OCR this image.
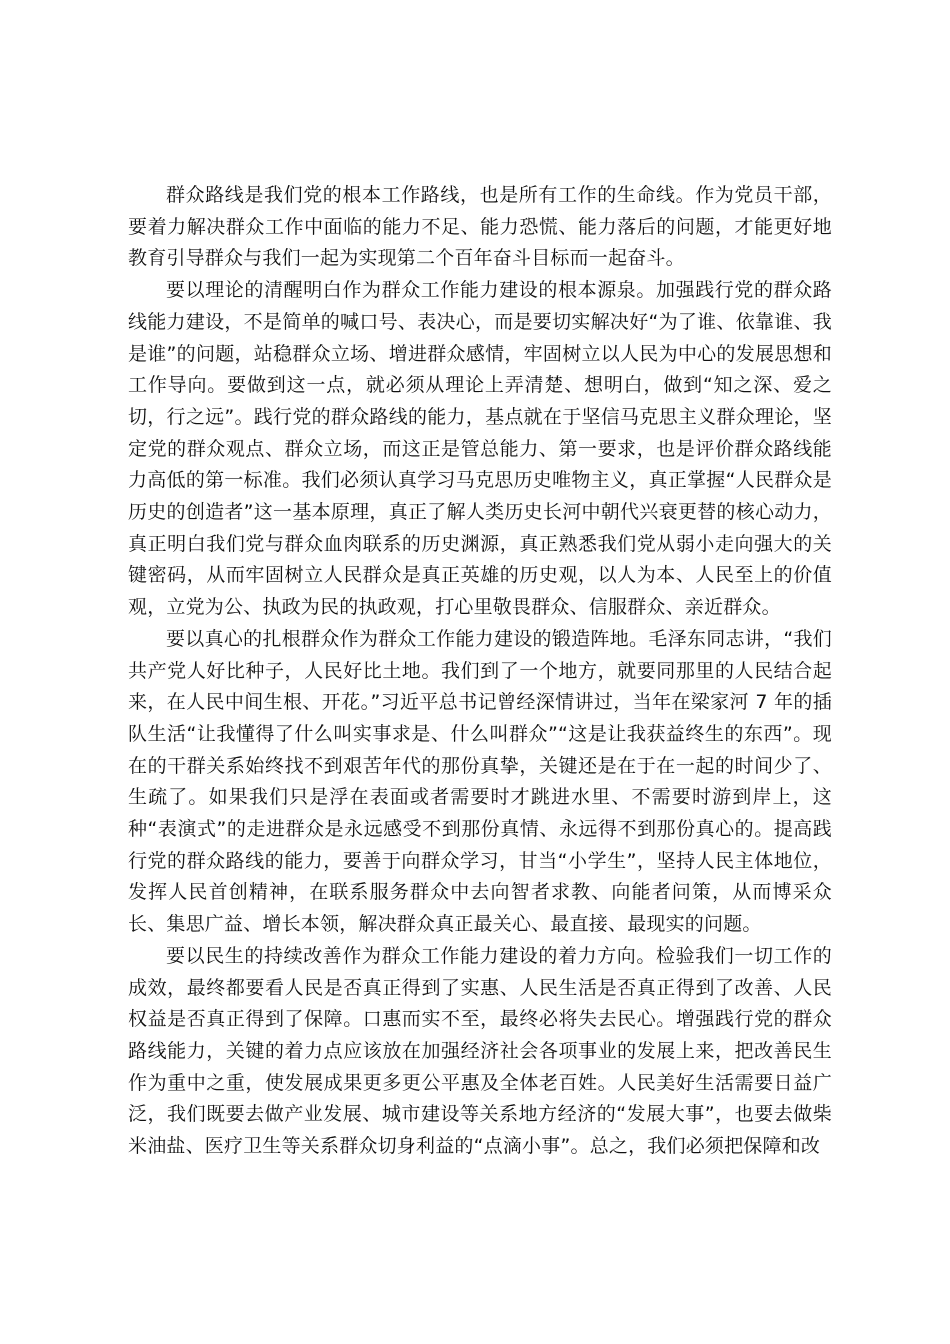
群众路线是我们党的根本工作路线，也是所有工作的生命线。作为党员干部，要着力解决群众工作中面临的能力不足、能力恐慌、能力落后的问题，才能更好地教育引导群众与我们一起为实现第二个百年奋斗目标而一起奋斗。

要以理论的清醒明白作为群众工作能力建设的根本源泉。加强践行党的群众路线能力建设，不是简单的喊口号、表决心，而是要切实解决好“为了谁、依靠谁、我是谁”的问题，站稳群众立场、增进群众感情，牢固树立以人民为中心的发展思想和工作导向。要做到这一点，就必须从理论上弄清楚、想明白，做到“知之深、爱之切，行之远”。践行党的群众路线的能力，基点就在于坚信马克思主义群众理论，坚定党的群众观点、群众立场，而这正是管总能力、第一要求，也是评价群众路线能力高低的第一标准。我们必须认真学习马克思历史唯物主义，真正掌握“人民群众是历史的创造者”这一基本原理，真正了解人类历史长河中朝代兴衰更替的核心动力，真正明白我们党与群众血肉联系的历史渊源，真正熟悉我们党从弱小走向强大的关键密码，从而牢固树立人民群众是真正英雄的历史观，以人为本、人民至上的价值观，立党为公、执政为民的执政观，打心里敬畏群众、信服群众、亲近群众。

要以真心的扎根群众作为群众工作能力建设的锻造阵地。毛泽东同志讲，“我们共产党人好比种子，人民好比土地。我们到了一个地方，就要同那里的人民结合起来，在人民中间生根、开花。”习近平总书记曾经深情讲过，当年在梁家河 7 年的插队生活“让我懂得了什么叫实事求是、什么叫群众”“这是让我获益终生的东西”。现在的干群关系始终找不到艰苦年代的那份真挚，关键还是在于在一起的时间少了、生疏了。如果我们只是浮在表面或者需要时才跳进水里、不需要时游到岸上，这种“表演式”的走进群众是永远感受不到那份真情、永远得不到那份真心的。提高践行党的群众路线的能力，要善于向群众学习，甘当“小学生”，坚持人民主体地位，发挥人民首创精神，在联系服务群众中去向智者求教、向能者问策，从而博采众长、集思广益、增长本领，解决群众真正最关心、最直接、最现实的问题。

要以民生的持续改善作为群众工作能力建设的着力方向。检验我们一切工作的成效，最终都要看人民是否真正得到了实惠、人民生活是否真正得到了改善、人民权益是否真正得到了保障。口惠而实不至，最终必将失去民心。增强践行党的群众路线能力，关键的着力点应该放在加强经济社会各项事业的发展上来，把改善民生作为重中之重，使发展成果更多更公平惠及全体老百姓。人民美好生活需要日益广泛，我们既要去做产业发展、城市建设等关系地方经济的“发展大事”，也要去做柴米油盐、医疗卫生等关系群众切身利益的“点滴小事”。总之，我们必须把保障和改
